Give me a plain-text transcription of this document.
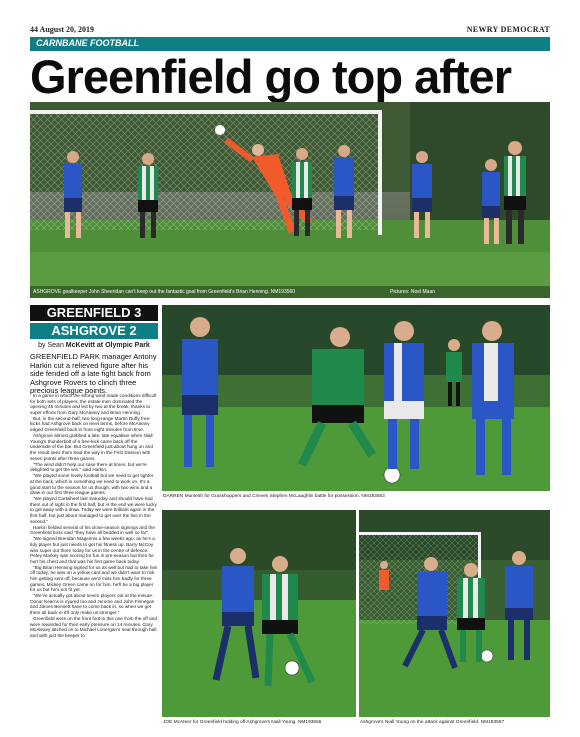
44 August 20, 2019	NEWRY DEMOCRAT
CARNBANE FOOTBALL
Greenfield go top after
ASHGROVE goalkeeper John Sheeridan can't keep out the fantastic goal from Greenfield's Brian Henning. NM193560	Pictures: Noel Maan
GREENFIELD 3
ASHGROVE 2
by Sean McKevitt at Olympic Park
GREENFIELD PARK manager Antony Harkin cut a relieved figure after his side fended off a late fight back from Ashgrove Rovers to clinch three precious league points.

In a game in which the strong wind made conditions difficult for both sets of players, the estate men dominated the opening 45 minutes and led by two at the break, thanks to super efforts from Gary McAleavy and Brian Henning.

But, in the second-half, two long-range Martin Duffy free-kicks had Ashgrove back on level terms, before McAleavy edged Greenfield back in front eight minutes from time.

Ashgrove almost grabbed a late, late equaliser when Niall Young's thunderbolt of a free-kick came back off the underside of the bar. But Greenfield just about hung on and the result sees them lead the way in the First Division with seven points after three games.

"The wind didn't help our case there at times, but we're delighted to get the win," said Harkin.

"We played some lovely football but we need to get tighter at the back, which is something we need to work on. It's a good start to the season for us though, with two wins and a draw in our first three league games.

"We played Cartwheel last Saturday and should have had them out of sight in the first half, but in the end we were lucky to get away with a draw. Today we were brilliant again in the first half, but just about managed to get over the line in the second."

Harkin fielded several of his close-season signings and the Greenfield boss said "they have all bedded in well so far".

"We signed Brendan Magennis a few weeks ago, as he's a tidy player but just needs to get his fitness up. Barry McCoy was super out there today for us in the centre of defence. Petey Markey was scoring for fun in pre-season but then he hurt his chest and that was his first game back today.

"Big Brian Henning signed for us as well but had to take him off today; he was on a yellow card and we didn't want to risk him getting sent off, because we'd miss him badly for three games. Mickey Green came on for him, he'll be a big player for us but he's not fit yet.

"We've actually got about seven players out at the minute. Conor Kearns is injured too and Jerome and John Finnegan and James Bennett have to come back in, so when we get them all back in it'll only make us stronger."

Greenfield were on the front foot in this one from the off and were rewarded for their early pressure on 14 minutes. Gary McAleavy latched on to Michael Lonergan's neat through ball and with just the keeper to

DARREN Munteith for Grasshoppers and Crieves Stephen McLaughlin battle for possession. NM193563
JOE McAteer for Greenfield holding off Ashgrove's Niall Young. NM193556	Ashgrove's Niall Young on the attack against Greenfield. NM193557
